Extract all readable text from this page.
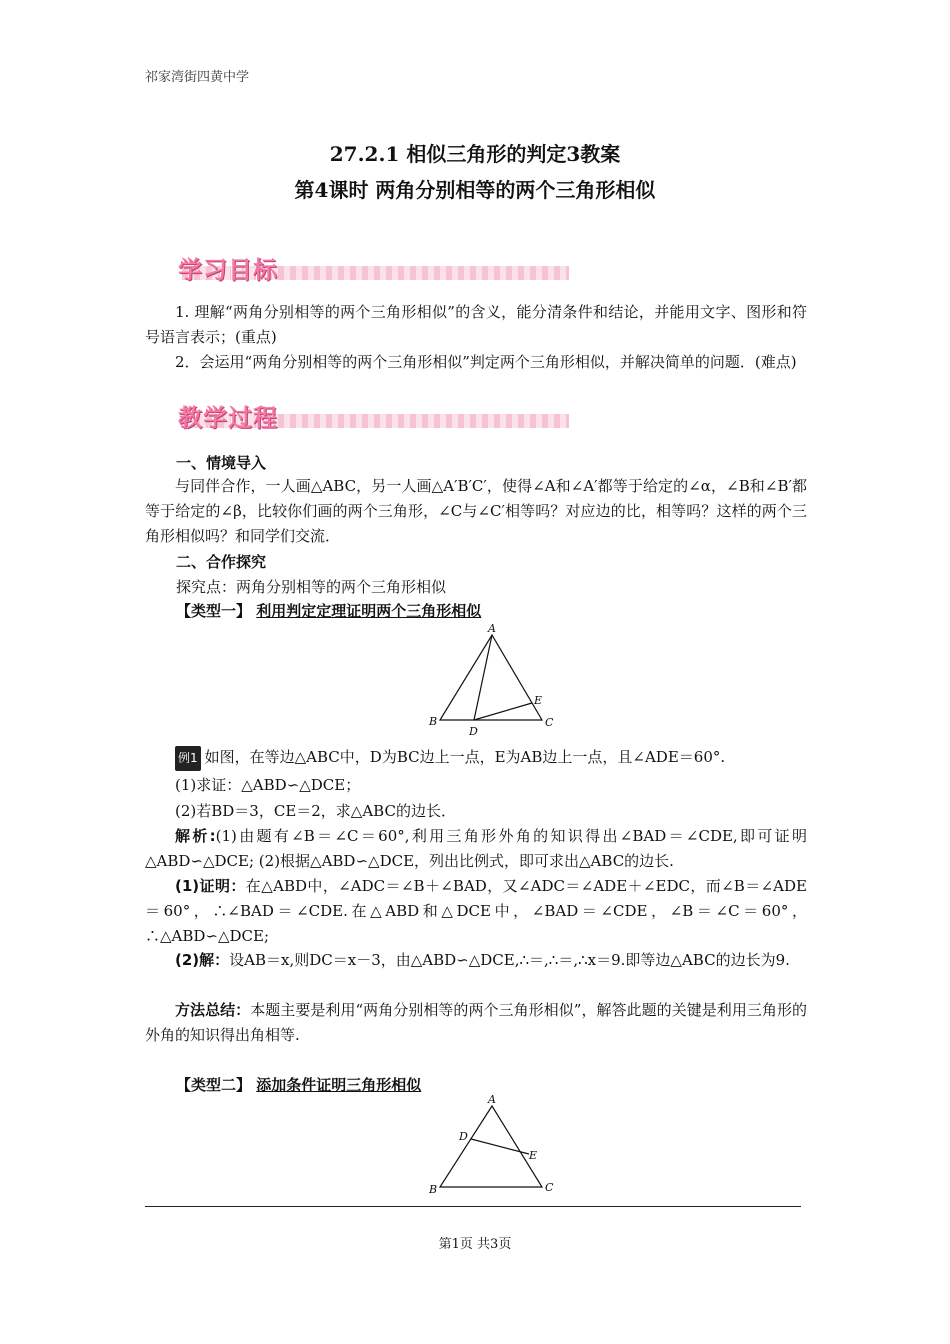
祁家湾街四黄中学
27.2.1 相似三角形的判定3教案
第4课时 两角分别相等的两个三角形相似
学习目标
1. 理解“两角分别相等的两个三角形相似”的含义，能分清条件和结论，并能用文字、图形和符号语言表示；(重点)
2．会运用“两角分别相等的两个三角形相似”判定两个三角形相似，并解决简单的问题．(难点)
教学过程
一、情境导入
与同伴合作，一人画△ABC，另一人画△A′B′C′，使得∠A和∠A′都等于给定的∠α，∠B和∠B′都等于给定的∠β，比较你们画的两个三角形，∠C与∠C′相等吗？对应边的比，相等吗？这样的两个三角形相似吗？和同学们交流．
二、合作探究
探究点：两角分别相等的两个三角形相似
【类型一】 利用判定定理证明两个三角形相似
A
B	C
D
E
例1 如图，在等边△ABC中，D为BC边上一点，E为AB边上一点，且∠ADE＝60°.
(1)求证：△ABD∽△DCE；
(2)若BD＝3，CE＝2，求△ABC的边长．
解析:(1)由题有∠B＝∠C＝60°,利用三角形外角的知识得出∠BAD＝∠CDE,即可证明△ABD∽△DCE; (2)根据△ABD∽△DCE，列出比例式，即可求出△ABC的边长.
(1)证明：在△ABD中，∠ADC＝∠B＋∠BAD，又∠ADC＝∠ADE＋∠EDC，而∠B＝∠ADE＝60°，∴∠BAD＝∠CDE.在△ABD和△DCE中，∠BAD＝∠CDE，∠B＝∠C＝60°，∴△ABD∽△DCE;
(2)解：设AB＝x,则DC＝x－3，由△ABD∽△DCE,∴＝,∴＝,∴x＝9.即等边△ABC的边长为9.
方法总结：本题主要是利用“两角分别相等的两个三角形相似”，解答此题的关键是利用三角形的外角的知识得出角相等.
【类型二】 添加条件证明三角形相似
A
B	C
D
E
第1页 共3页
